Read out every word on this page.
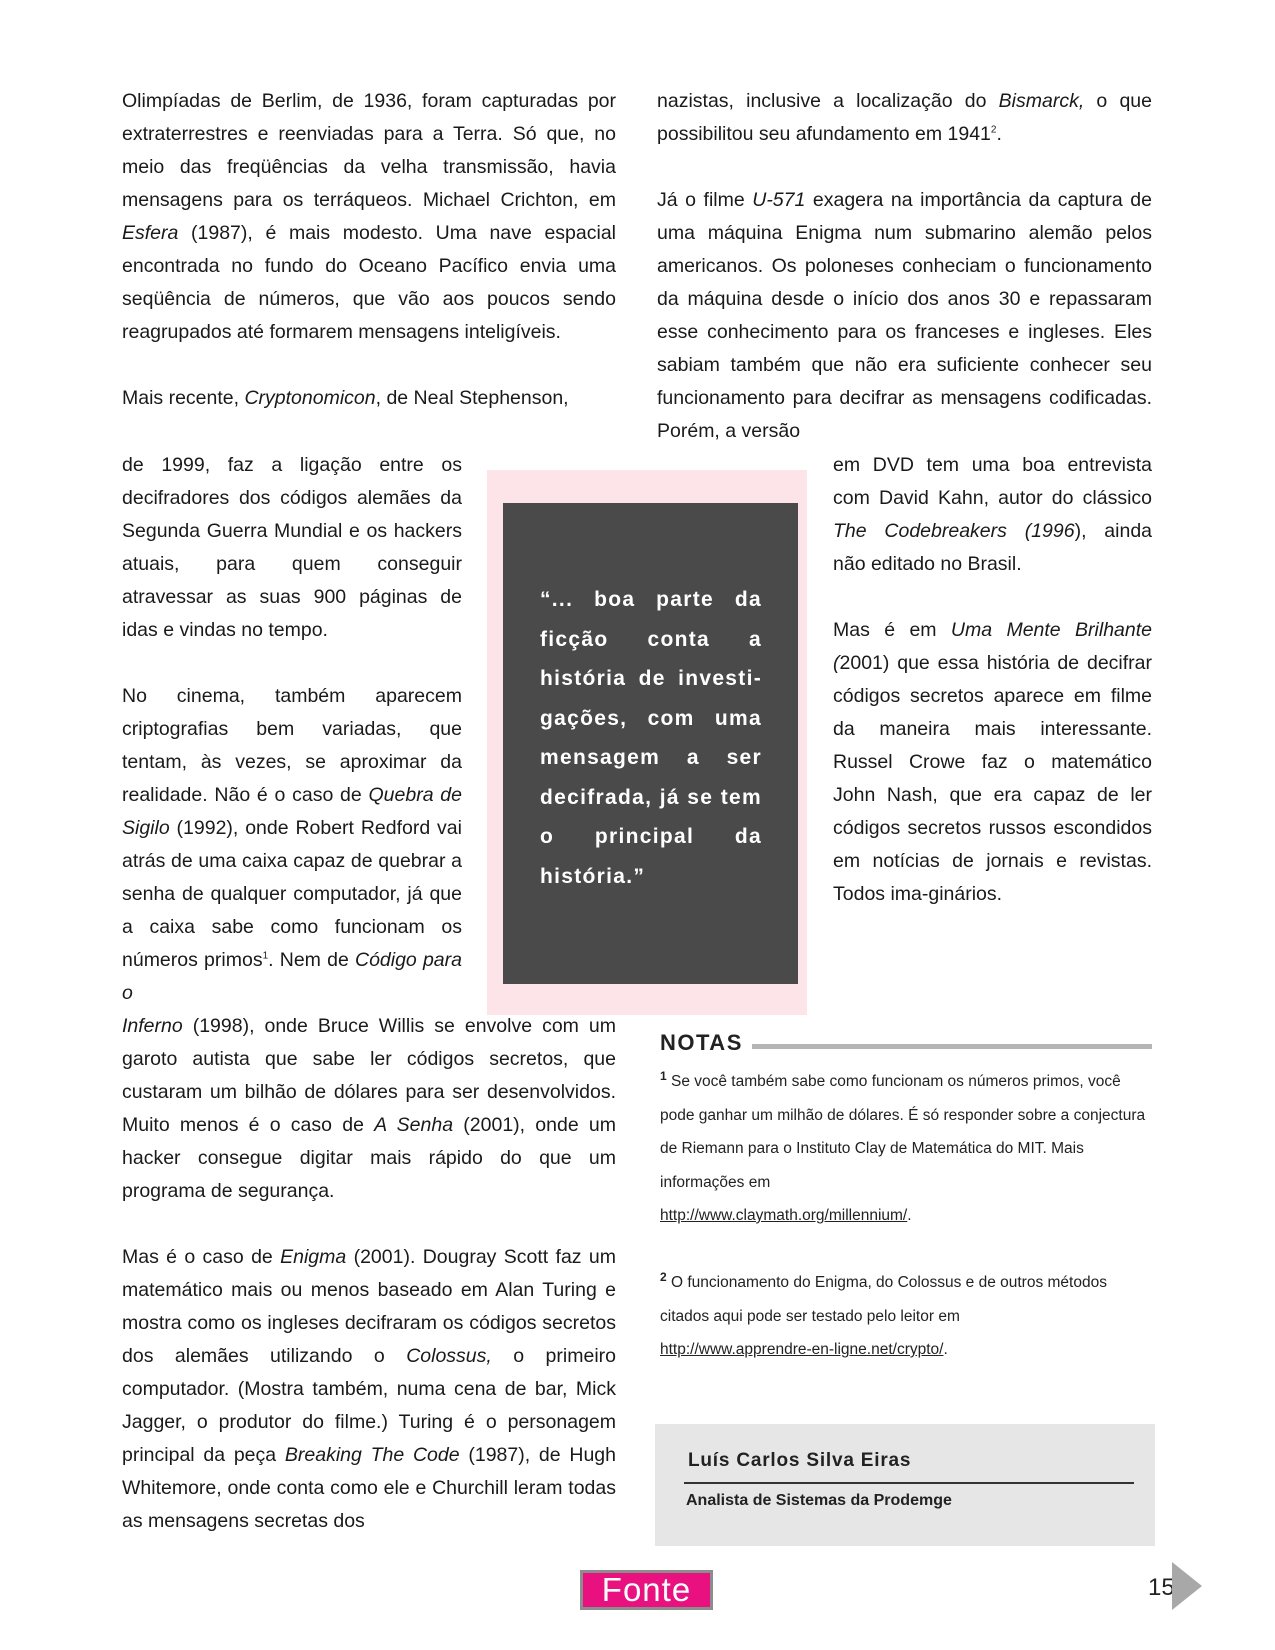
Olimpíadas de Berlim, de 1936, foram capturadas por extraterrestres e reenviadas para a Terra. Só que, no meio das freqüências da velha transmissão, havia mensagens para os terráqueos. Michael Crichton, em Esfera (1987), é mais modesto. Uma nave espacial encontrada no fundo do Oceano Pacífico envia uma seqüência de números, que vão aos poucos sendo reagrupados até formarem mensagens inteligíveis.

Mais recente, Cryptonomicon, de Neal Stephenson,

de 1999, faz a ligação entre os decifradores dos códigos alemães da Segunda Guerra Mundial e os hackers atuais, para quem conseguir atravessar as suas 900 páginas de idas e vindas no tempo.

No cinema, também aparecem criptografias bem variadas, que tentam, às vezes, se aproximar da realidade. Não é o caso de Quebra de Sigilo (1992), onde Robert Redford vai atrás de uma caixa capaz de quebrar a senha de qualquer computador, já que a caixa sabe como funcionam os números primos$^1$. Nem de Código para o

Inferno (1998), onde Bruce Willis se envolve com um garoto autista que sabe ler códigos secretos, que custaram um bilhão de dólares para ser desenvolvidos. Muito menos é o caso de A Senha (2001), onde um hacker consegue digitar mais rápido do que um programa de segurança.

Mas é o caso de Enigma (2001). Dougray Scott faz um matemático mais ou menos baseado em Alan Turing e mostra como os ingleses decifraram os códigos secretos dos alemães utilizando o Colossus, o primeiro computador. (Mostra também, numa cena de bar, Mick Jagger, o produtor do filme.) Turing é o personagem principal da peça Breaking The Code (1987), de Hugh Whitemore, onde conta como ele e Churchill leram todas as mensagens secretas dos

nazistas, inclusive a localização do Bismarck, o que possibilitou seu afundamento em 1941$^2$.

Já o filme U-571 exagera na importância da captura de uma máquina Enigma num submarino alemão pelos americanos. Os poloneses conheciam o funcionamento da máquina desde o início dos anos 30 e repassaram esse conhecimento para os franceses e ingleses. Eles sabiam também que não era suficiente conhecer seu funcionamento para decifrar as mensagens codificadas. Porém, a versão

em DVD tem uma boa entrevista com David Kahn, autor do clássico The Codebreakers (1996), ainda não editado no Brasil.

Mas é em Uma Mente Brilhante (2001) que essa história de decifrar códigos secretos aparece em filme da maneira mais interessante. Russel Crowe faz o matemático John Nash, que era capaz de ler códigos secretos russos escondidos em notícias de jornais e revistas. Todos ima-ginários.

“... boa parte da ficção conta a história de investi-gações, com uma mensagem a ser decifrada, já se tem o principal da história.”
NOTAS
$^1$ Se você também sabe como funcionam os números primos, você pode ganhar um milhão de dólares. É só responder sobre a conjectura de Riemann para o Instituto Clay de Matemática do MIT. Mais informações em
http://www.claymath.org/millennium/.
$^2$ O funcionamento do Enigma, do Colossus e de outros métodos citados aqui pode ser testado pelo leitor em
http://www.apprendre-en-ligne.net/crypto/.
Luís Carlos Silva Eiras
Analista de Sistemas da Prodemge
Fonte	15
